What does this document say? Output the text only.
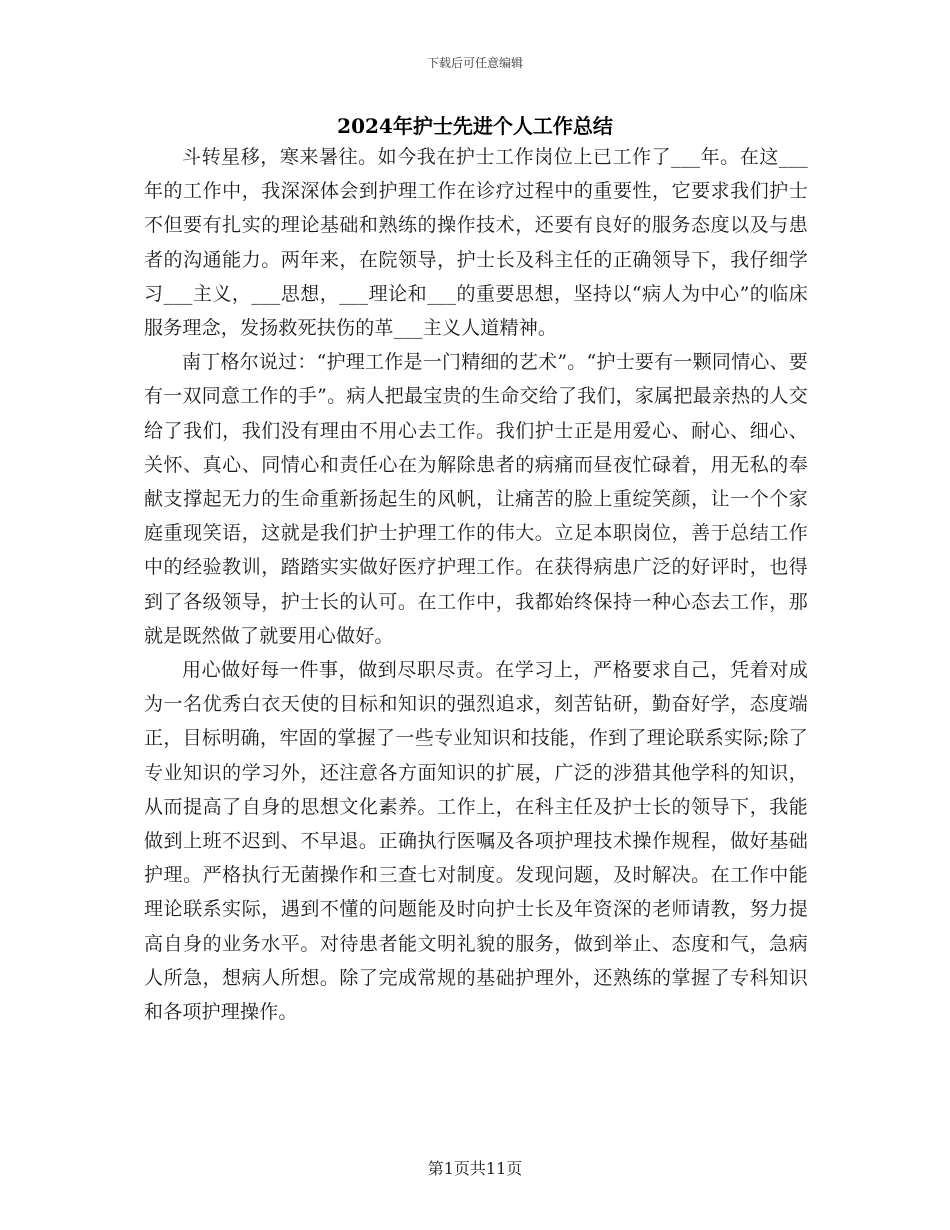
下载后可任意编辑
2024年护士先进个人工作总结

斗转星移，寒来暑往。如今我在护士工作岗位上已工作了___年。在这___年的工作中，我深深体会到护理工作在诊疗过程中的重要性，它要求我们护士不但要有扎实的理论基础和熟练的操作技术，还要有良好的服务态度以及与患者的沟通能力。两年来，在院领导，护士长及科主任的正确领导下，我仔细学习___主义，___思想，___理论和___的重要思想，坚持以“病人为中心”的临床服务理念，发扬救死扶伤的革___主义人道精神。

南丁格尔说过：“护理工作是一门精细的艺术”。“护士要有一颗同情心、要有一双同意工作的手”。病人把最宝贵的生命交给了我们，家属把最亲热的人交给了我们，我们没有理由不用心去工作。我们护士正是用爱心、耐心、细心、关怀、真心、同情心和责任心在为解除患者的病痛而昼夜忙碌着，用无私的奉献支撑起无力的生命重新扬起生的风帆，让痛苦的脸上重绽笑颜，让一个个家庭重现笑语，这就是我们护士护理工作的伟大。立足本职岗位，善于总结工作中的经验教训，踏踏实实做好医疗护理工作。在获得病患广泛的好评时，也得到了各级领导，护士长的认可。在工作中，我都始终保持一种心态去工作，那就是既然做了就要用心做好。

用心做好每一件事，做到尽职尽责。在学习上，严格要求自己，凭着对成为一名优秀白衣天使的目标和知识的强烈追求，刻苦钻研，勤奋好学，态度端正，目标明确，牢固的掌握了一些专业知识和技能，作到了理论联系实际;除了专业知识的学习外，还注意各方面知识的扩展，广泛的涉猎其他学科的知识，从而提高了自身的思想文化素养。工作上，在科主任及护士长的领导下，我能做到上班不迟到、不早退。正确执行医嘱及各项护理技术操作规程，做好基础护理。严格执行无菌操作和三查七对制度。发现问题，及时解决。在工作中能理论联系实际，遇到不懂的问题能及时向护士长及年资深的老师请教，努力提高自身的业务水平。对待患者能文明礼貌的服务，做到举止、态度和气，急病人所急，想病人所想。除了完成常规的基础护理外，还熟练的掌握了专科知识和各项护理操作。

第1页共11页
